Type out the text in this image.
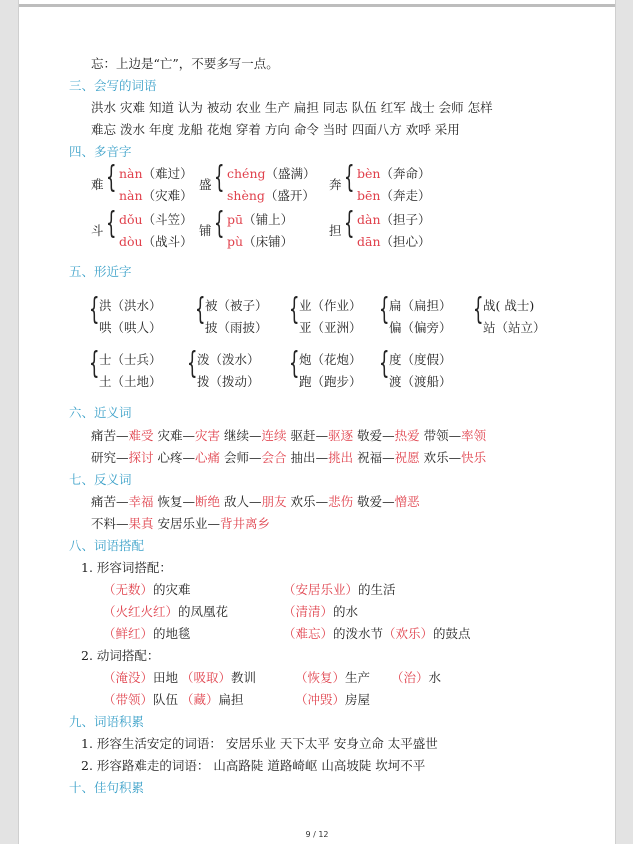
忘：上边是“亡”，不要多写一点。
三、会写的词语
洪水 灾难 知道 认为 被动 农业 生产 扁担 同志 队伍 红军 战士 会师 怎样
难忘 泼水 年度 龙船 花炮 穿着 方向 命令 当时 四面八方 欢呼 采用
四、多音字
难 { nàn（难过）
nàn（灾难）
盛 { chéng（盛满）
shèng（盛开）
奔 { bèn（奔命）
bēn（奔走）
斗 { dǒu（斗笠）
dòu（战斗）
铺 { pū（铺上）
pù（床铺）
担 { dàn（担子）
dān（担心）
五、形近字
{ 洪（洪水）
哄（哄人）
{ 被（被子）
披（雨披）
{ 业（作业）
亚（亚洲）
{ 扁（扁担）
偏（偏旁）
{ 战( 战士)
站（站立）
{ 士（士兵）
土（土地）
{ 泼（泼水）
拨（拨动）
{ 炮（花炮）
跑（跑步）
{ 度（度假）
渡（渡船）
六、近义词
痛苦—难受 灾难—灾害 继续—连续 驱赶—驱逐 敬爱—热爱 带领—率领
研究—探讨 心疼—心痛 会师—会合 抽出—挑出 祝福—祝愿 欢乐—快乐
七、反义词
痛苦—幸福 恢复—断绝 敌人—朋友 欢乐—悲伤 敬爱—憎恶
不料—果真 安居乐业—背井离乡
八、词语搭配
1. 形容词搭配：
（无数）的灾难	（安居乐业）的生活
（火红火红）的凤凰花	（清清）的水
（鲜红）的地毯	（难忘）的泼水节（欢乐）的鼓点
2. 动词搭配：
（淹没）田地 （吸取）教训	（恢复）生产 （治）水
（带领）队伍 （藏）扁担	（冲毁）房屋
九、词语积累
1. 形容生活安定的词语： 安居乐业 天下太平 安身立命 太平盛世
2. 形容路难走的词语： 山高路陡 道路崎岖 山高坡陡 坎坷不平
十、佳句积累
9 / 12
